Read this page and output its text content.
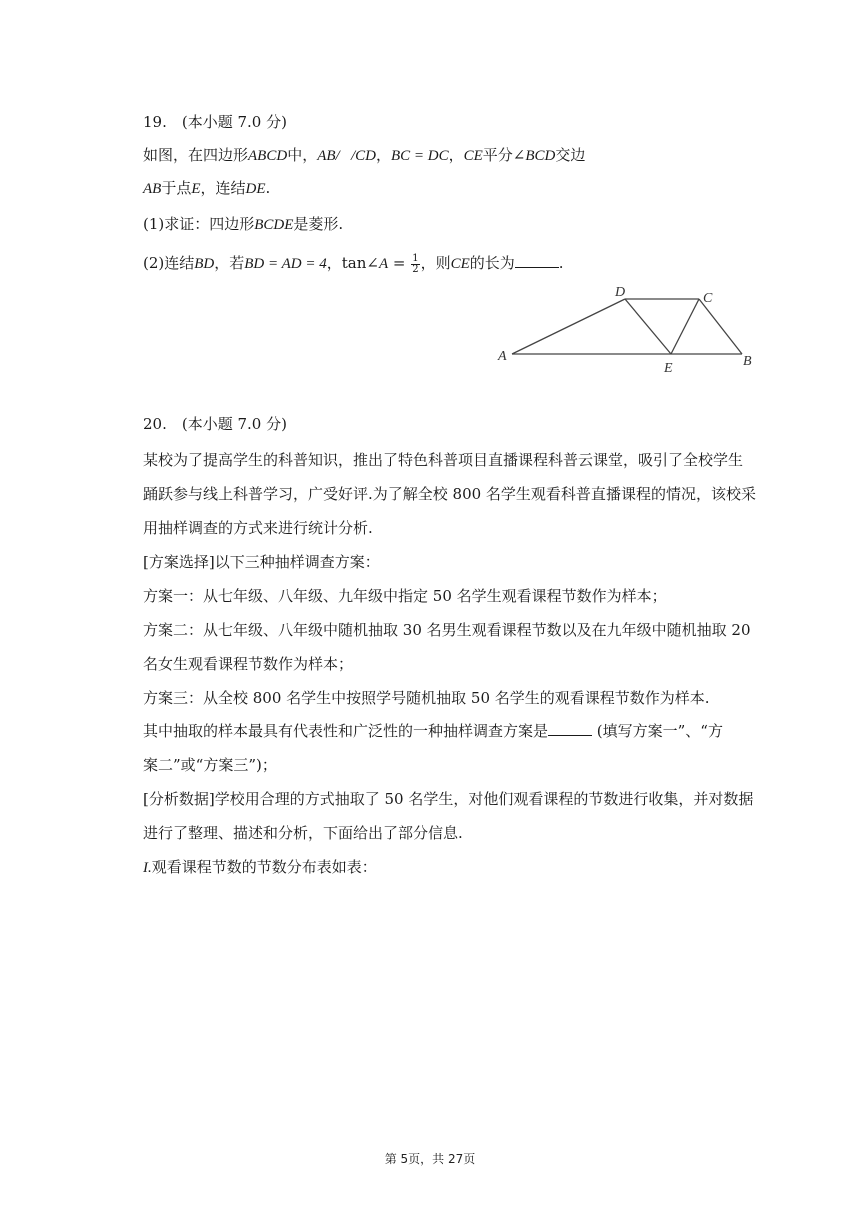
19.　(本小题 7.0 分)
如图，在四边形ABCD中，AB/   /CD，BC = DC，CE平分∠BCD交边
AB于点E，连结DE.
(1)求证：四边形BCDE是菱形.
(2)连结BD，若BD = AD = 4，tan∠A = $\frac{1}{2}$ ，则CE的长为	.
A
D	C
E	B
20.　(本小题 7.0 分)
某校为了提高学生的科普知识，推出了特色科普项目直播课程科普云课堂，吸引了全校学生
踊跃参与线上科普学习，广受好评.为了解全校 800 名学生观看科普直播课程的情况，该校采
用抽样调查的方式来进行统计分析.
[方案选择]以下三种抽样调查方案：
方案一：从七年级、八年级、九年级中指定 50 名学生观看课程节数作为样本；
方案二：从七年级、八年级中随机抽取 30 名男生观看课程节数以及在九年级中随机抽取 20
名女生观看课程节数作为样本；
方案三：从全校 800 名学生中按照学号随机抽取 50 名学生的观看课程节数作为样本.
其中抽取的样本最具有代表性和广泛性的一种抽样调查方案是	(填写方案一”、“方
案二”或“方案三”)；
[分析数据]学校用合理的方式抽取了 50 名学生，对他们观看课程的节数进行收集，并对数据
进行了整理、描述和分析，下面给出了部分信息.
I.观看课程节数的节数分布表如表：
第 5页，共 27页
